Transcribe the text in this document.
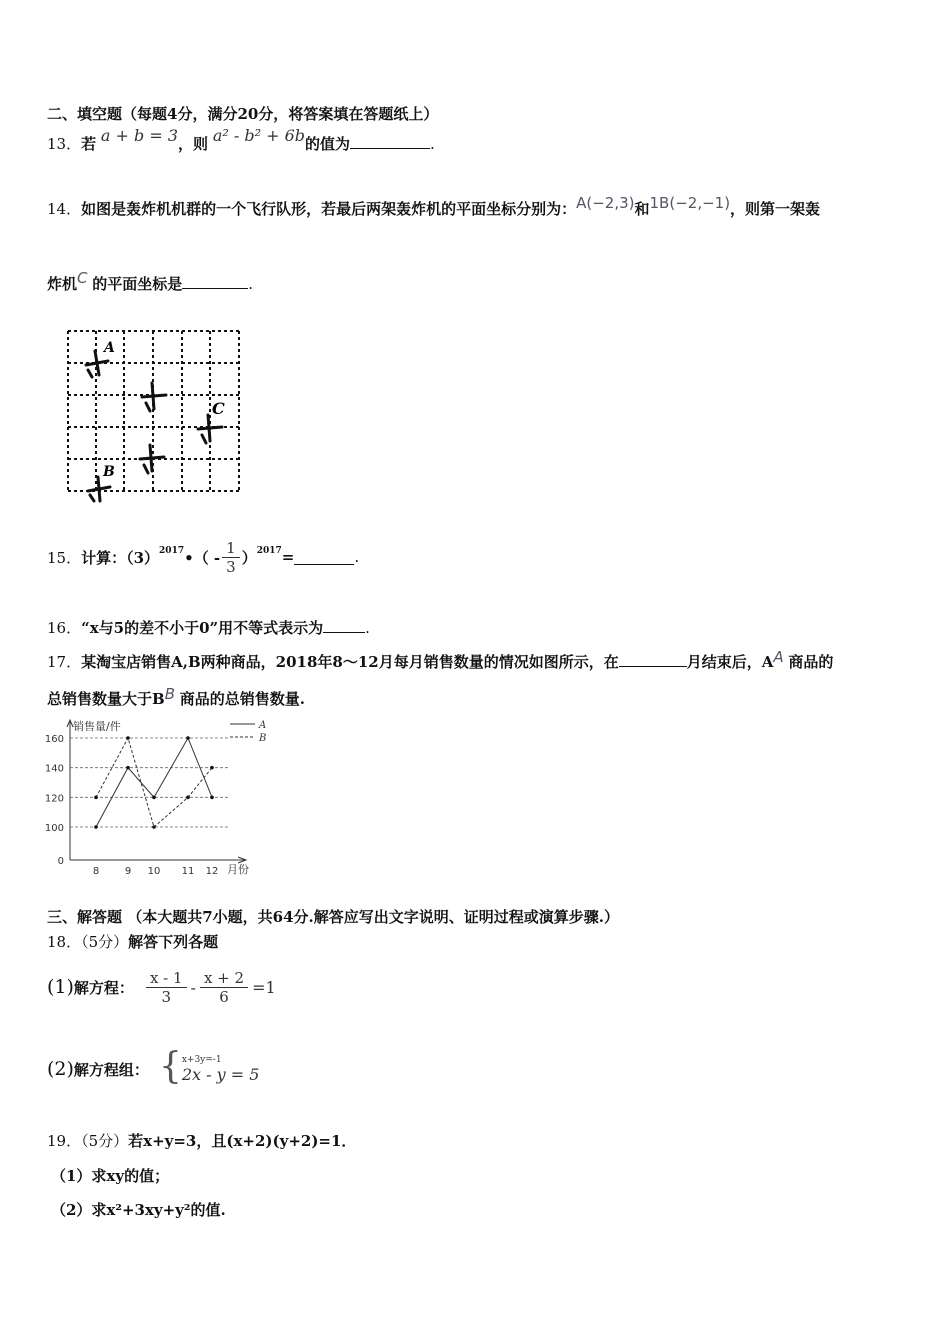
二、填空题（每题4分，满分20分，将答案填在答题纸上）
13．若 a + b = 3，则 a² - b² + 6b的值为	.
14．如图是轰炸机机群的一个飞行队形，若最后两架轰炸机的平面坐标分别为：A(−2,3)和1B(−2,−1)，则第一架轰
炸机C 的平面坐标是	.
A
C
B
15． 计算：$(3)^{2017}$ •（ - $\frac{1}{3} )^{2017}$ =	.
16．“x与5的差不小于0”用不等式表示为	.
17．某淘宝店销售A,B两种商品，2018年8～12月每月销售数量的情况如图所示，在	月结束后，AA 商品的
总销售数量大于BB 商品的总销售数量.
0
100
120
140
160
8	9 10 11 12
销售量/件
月份
A
B
三、解答题 （本大题共7小题，共64分.解答应写出文字说明、证明过程或演算步骤.）
18．（5分）解答下列各题
(1) 解方程： $\frac{x - 1}{3} - \frac{x + 2}{6} =1$
(2) 解方程组： { x+3y=-1
2x - y = 5
19．（5分）若x+y=3，且(x+2)(y+2)=1．
（1）求xy的值；
（2）求x²+3xy+y²的值.
